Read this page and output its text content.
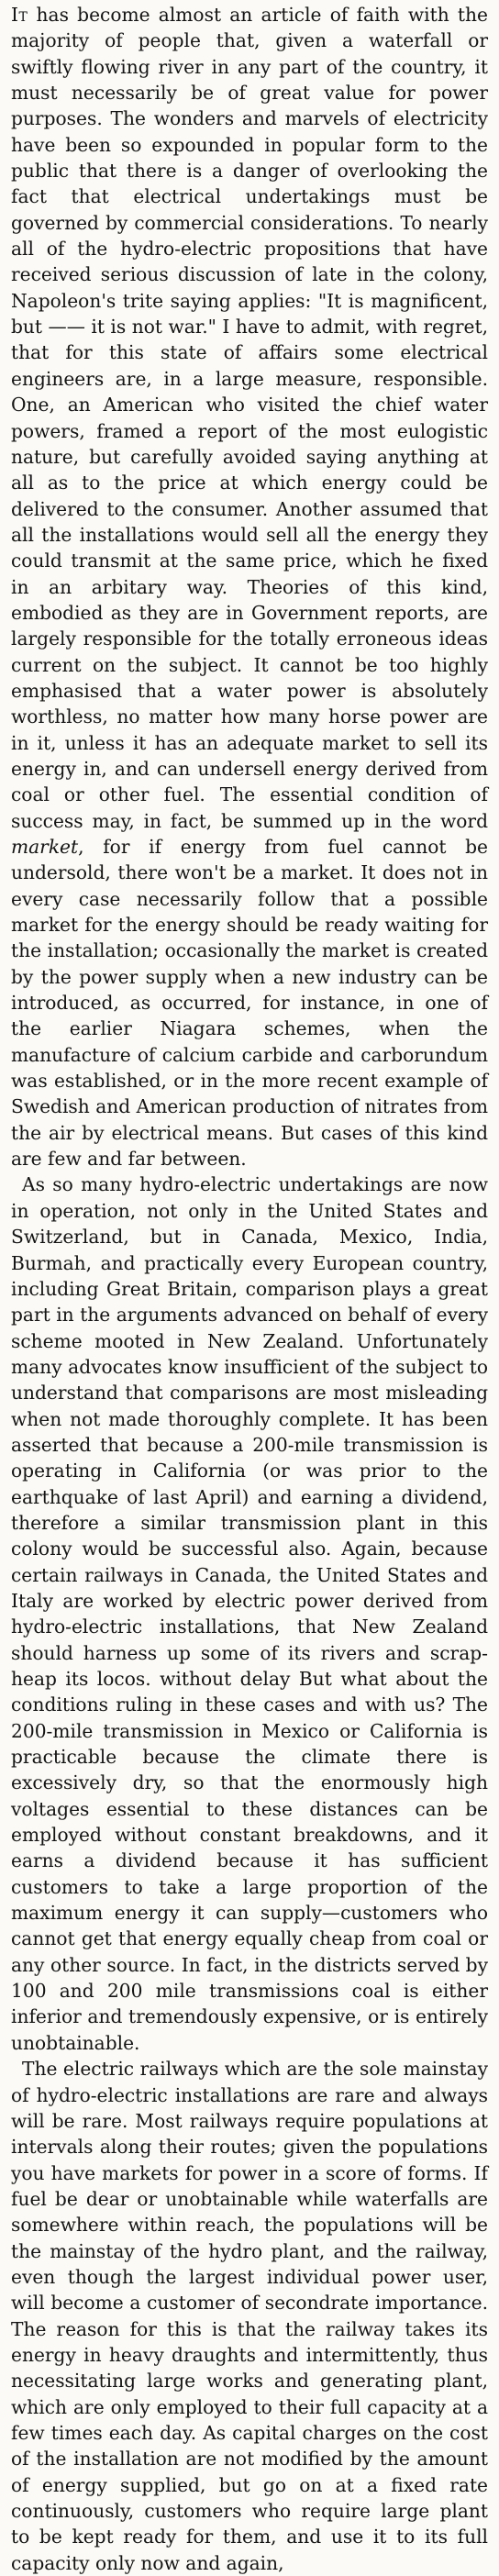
It has become almost an article of faith with the majority of people that, given a waterfall or swiftly flowing river in any part of the country, it must necessarily be of great value for power purposes. The wonders and marvels of electricity have been so expounded in popular form to the public that there is a danger of overlooking the fact that electrical undertakings must be governed by commercial considerations. To nearly all of the hydro-electric propositions that have received serious discussion of late in the colony, Napoleon's trite saying applies: "It is magnificent, but —— it is not war." I have to admit, with regret, that for this state of affairs some electrical engineers are, in a large measure, responsible. One, an American who visited the chief water powers, framed a report of the most eulogistic nature, but carefully avoided saying anything at all as to the price at which energy could be delivered to the consumer. Another assumed that all the installations would sell all the energy they could transmit at the same price, which he fixed in an arbitary way. Theories of this kind, embodied as they are in Government reports, are largely responsible for the totally erroneous ideas current on the subject. It cannot be too highly emphasised that a water power is absolutely worthless, no matter how many horse power are in it, unless it has an adequate market to sell its energy in, and can undersell energy derived from coal or other fuel. The essential condition of success may, in fact, be summed up in the word market, for if energy from fuel cannot be undersold, there won't be a market. It does not in every case necessarily follow that a possible market for the energy should be ready waiting for the installation; occasionally the market is created by the power supply when a new industry can be introduced, as occurred, for instance, in one of the earlier Niagara schemes, when the manufacture of calcium carbide and carborundum was established, or in the more recent example of Swedish and American production of nitrates from the air by electrical means. But cases of this kind are few and far between.

As so many hydro-electric undertakings are now in operation, not only in the United States and Switzerland, but in Canada, Mexico, India, Burmah, and practically every European country, including Great Britain, comparison plays a great part in the arguments advanced on behalf of every scheme mooted in New Zealand. Unfortunately many advocates know insufficient of the subject to understand that comparisons are most misleading when not made thoroughly complete. It has been asserted that because a 200-mile transmission is operating in California (or was prior to the earthquake of last April) and earning a dividend, therefore a similar transmission plant in this colony would be successful also. Again, because certain railways in Canada, the United States and Italy are worked by electric power derived from hydro-electric installations, that New Zealand should harness up some of its rivers and scrap-heap its locos. without delay But what about the conditions ruling in these cases and with us? The 200-mile transmission in Mexico or California is practicable because the climate there is excessively dry, so that the enormously high voltages essential to these distances can be employed without constant breakdowns, and it earns a dividend because it has sufficient customers to take a large proportion of the maximum energy it can supply—customers who cannot get that energy equally cheap from coal or any other source. In fact, in the districts served by 100 and 200 mile transmissions coal is either inferior and tremendously expensive, or is entirely unobtainable.

The electric railways which are the sole mainstay of hydro-electric installations are rare and always will be rare. Most railways require populations at intervals along their routes; given the populations you have markets for power in a score of forms. If fuel be dear or unobtainable while waterfalls are somewhere within reach, the populations will be the mainstay of the hydro plant, and the railway, even though the largest individual power user, will become a customer of secondrate importance. The reason for this is that the railway takes its energy in heavy draughts and intermittently, thus necessitating large works and generating plant, which are only employed to their full capacity at a few times each day. As capital charges on the cost of the installation are not modified by the amount of energy supplied, but go on at a fixed rate continuously, customers who require large plant to be kept ready for them, and use it to its full capacity only now and again,
